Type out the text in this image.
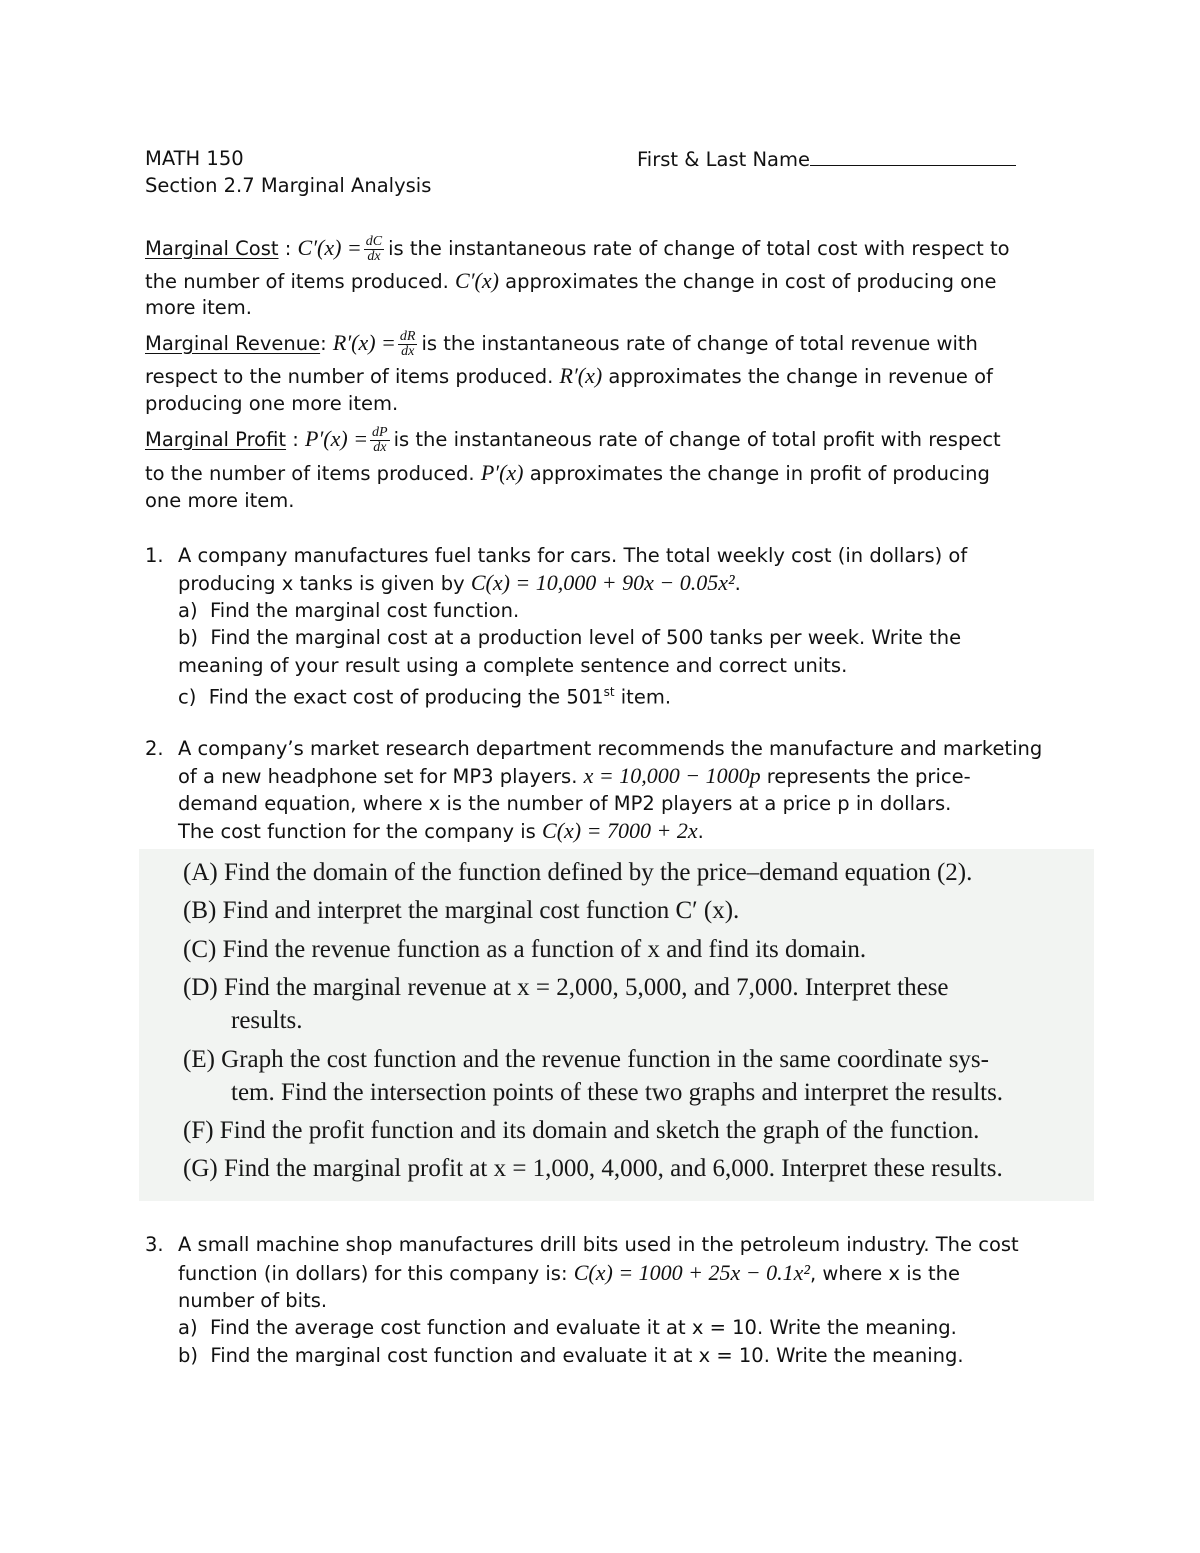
MATH 150
Section 2.7 Marginal Analysis
First & Last Name
Marginal Cost : $C'(x) = \frac{dC}{dx}$ is the instantaneous rate of change of total cost with respect to
the number of items produced. C′(x) approximates the change in cost of producing one
more item.
Marginal Revenue: $R'(x) = \frac{dR}{dx}$ is the instantaneous rate of change of total revenue with
respect to the number of items produced. R′(x) approximates the change in revenue of
producing one more item.
Marginal Profit : $P'(x) = \frac{dP}{dx}$ is the instantaneous rate of change of total profit with respect
to the number of items produced. P′(x) approximates the change in profit of producing
one more item.
1. A company manufactures fuel tanks for cars. The total weekly cost (in dollars) of
producing x tanks is given by C(x) = 10,000 + 90x − 0.05x².
a) Find the marginal cost function.
b) Find the marginal cost at a production level of 500 tanks per week. Write the
meaning of your result using a complete sentence and correct units.
c) Find the exact cost of producing the 501st item.
2. A company’s market research department recommends the manufacture and marketing
of a new headphone set for MP3 players. x = 10,000 − 1000p represents the price-
demand equation, where x is the number of MP2 players at a price p in dollars.
The cost function for the company is C(x) = 7000 + 2x.
(A) Find the domain of the function defined by the price–demand equation (2).
(B) Find and interpret the marginal cost function C′ (x).
(C) Find the revenue function as a function of x and find its domain.
(D) Find the marginal revenue at x = 2,000, 5,000, and 7,000. Interpret these
results.
(E) Graph the cost function and the revenue function in the same coordinate sys-
tem. Find the intersection points of these two graphs and interpret the results.
(F) Find the profit function and its domain and sketch the graph of the function.
(G) Find the marginal profit at x = 1,000, 4,000, and 6,000. Interpret these results.
3. A small machine shop manufactures drill bits used in the petroleum industry. The cost
function (in dollars) for this company is: C(x) = 1000 + 25x − 0.1x², where x is the
number of bits.
a) Find the average cost function and evaluate it at x = 10. Write the meaning.
b) Find the marginal cost function and evaluate it at x = 10. Write the meaning.
